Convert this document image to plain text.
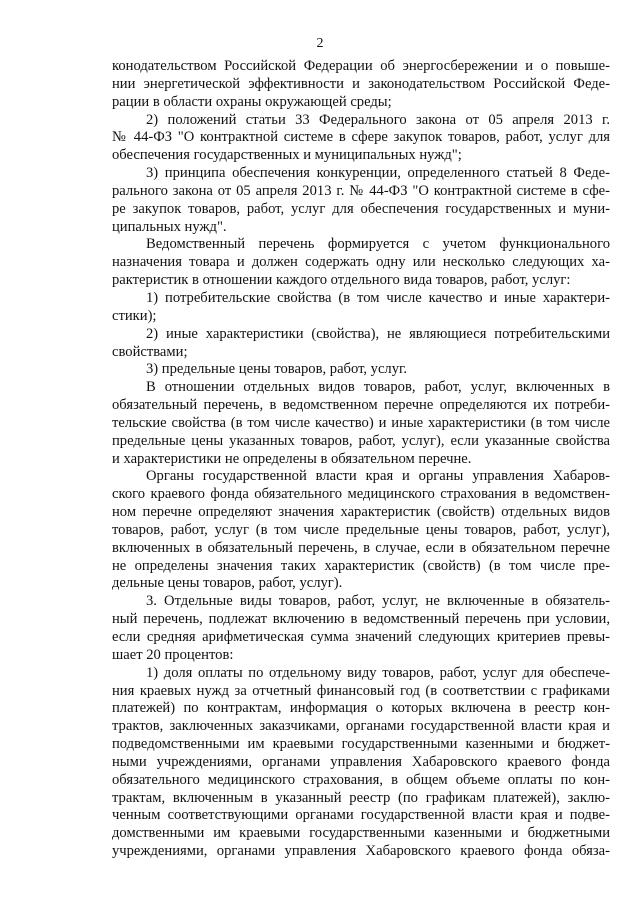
2
конодательством Российской Федерации об энергосбережении и о повыше-
нии энергетической эффективности и законодательством Российской Феде-
рации в области охраны окружающей среды;
2) положений статьи 33 Федерального закона от 05 апреля 2013 г.
№ 44-ФЗ "О контрактной системе в сфере закупок товаров, работ, услуг для
обеспечения государственных и муниципальных нужд";
3) принципа обеспечения конкуренции, определенного статьей 8 Феде-
рального закона от 05 апреля 2013 г. № 44-ФЗ "О контрактной системе в сфе-
ре закупок товаров, работ, услуг для обеспечения государственных и муни-
ципальных нужд".
Ведомственный перечень формируется с учетом функционального
назначения товара и должен содержать одну или несколько следующих ха-
рактеристик в отношении каждого отдельного вида товаров, работ, услуг:
1) потребительские свойства (в том числе качество и иные характери-
стики);
2) иные характеристики (свойства), не являющиеся потребительскими
свойствами;
3) предельные цены товаров, работ, услуг.
В отношении отдельных видов товаров, работ, услуг, включенных в
обязательный перечень, в ведомственном перечне определяются их потреби-
тельские свойства (в том числе качество) и иные характеристики (в том числе
предельные цены указанных товаров, работ, услуг), если указанные свойства
и характеристики не определены в обязательном перечне.
Органы государственной власти края и органы управления Хабаров-
ского краевого фонда обязательного медицинского страхования в ведомствен-
ном перечне определяют значения характеристик (свойств) отдельных видов
товаров, работ, услуг (в том числе предельные цены товаров, работ, услуг),
включенных в обязательный перечень, в случае, если в обязательном перечне
не определены значения таких характеристик (свойств) (в том числе пре-
дельные цены товаров, работ, услуг).
3. Отдельные виды товаров, работ, услуг, не включенные в обязатель-
ный перечень, подлежат включению в ведомственный перечень при условии,
если средняя арифметическая сумма значений следующих критериев превы-
шает 20 процентов:
1) доля оплаты по отдельному виду товаров, работ, услуг для обеспече-
ния краевых нужд за отчетный финансовый год (в соответствии с графиками
платежей) по контрактам, информация о которых включена в реестр кон-
трактов, заключенных заказчиками, органами государственной власти края и
подведомственными им краевыми государственными казенными и бюджет-
ными учреждениями, органами управления Хабаровского краевого фонда
обязательного медицинского страхования, в общем объеме оплаты по кон-
трактам, включенным в указанный реестр (по графикам платежей), заклю-
ченным соответствующими органами государственной власти края и подве-
домственными им краевыми государственными казенными и бюджетными
учреждениями, органами управления Хабаровского краевого фонда обяза-
